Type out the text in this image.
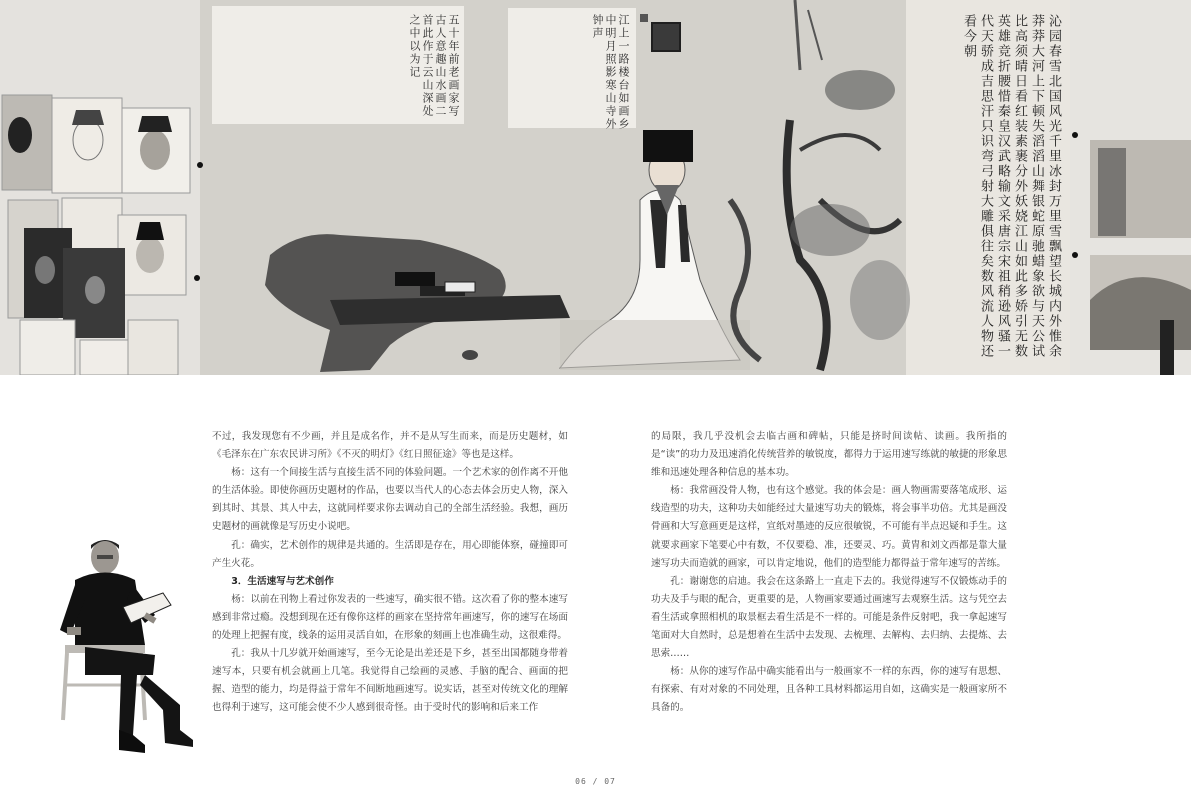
五十年前老画家写古人意趣山水画二首此作于云山深处之中以为记	江上一路楼台如画乡中明月照影寒山寺外钟声	沁园春雪北国风光千里冰封万里雪飘望长城内外惟余莽莽大河上下顿失滔滔山舞银蛇原驰蜡象欲与天公试比高须晴日看红装素裹分外妖娆江山如此多娇引无数英雄竞折腰惜秦皇汉武略输文采唐宗宋祖稍逊风骚一代天骄成吉思汗只识弯弓射大雕俱往矣数风流人物还看今朝

不过，我发现您有不少画，并且是成名作，并不是从写生而来，而是历史题材，如《毛泽东在广东农民讲习所》《不灭的明灯》《红日照征途》等也是这样。

杨：这有一个间接生活与直接生活不同的体验问题。一个艺术家的创作离不开他的生活体验。即使你画历史题材的作品，也要以当代人的心态去体会历史人物，深入到其时、其景、其人中去，这就同样要求你去调动自己的全部生活经验。我想，画历史题材的画就像是写历史小说吧。

孔：确实，艺术创作的规律是共通的。生活即是存在，用心即能体察，碰撞即可产生火花。

3．生活速写与艺术创作

杨：以前在刊物上看过你发表的一些速写，确实很不错。这次看了你的整本速写感到非常过瘾。没想到现在还有像你这样的画家在坚持常年画速写，你的速写在场面的处理上把握有度，线条的运用灵活自如，在形象的刻画上也准确生动，这很难得。

孔：我从十几岁就开始画速写，至今无论是出差还是下乡，甚至出国都随身带着速写本，只要有机会就画上几笔。我觉得自己绘画的灵感、手脑的配合、画面的把握、造型的能力，均是得益于常年不间断地画速写。说实话，甚至对传统文化的理解也得利于速写，这可能会使不少人感到很奇怪。由于受时代的影响和后来工作

的局限，我几乎没机会去临古画和碑帖，只能是挤时间读帖、读画。我所指的是“读”的功力及迅速消化传统营养的敏锐度，都得力于运用速写练就的敏捷的形象思维和迅速处理各种信息的基本功。

杨：我常画没骨人物，也有这个感觉。我的体会是：画人物画需要落笔成形、运线造型的功夫，这种功夫如能经过大量速写功夫的锻炼，将会事半功倍。尤其是画没骨画和大写意画更是这样，宣纸对墨迹的反应很敏锐，不可能有半点迟疑和手生。这就要求画家下笔要心中有数，不仅要稳、准，还要灵、巧。黄胄和刘文西都是靠大量速写功夫而造就的画家，可以肯定地说，他们的造型能力都得益于常年速写的苦练。

孔：谢谢您的启迪。我会在这条路上一直走下去的。我觉得速写不仅锻炼动手的功夫及手与眼的配合，更重要的是，人物画家要通过画速写去观察生活。这与凭空去看生活或拿照相机的取景框去看生活是不一样的。可能是条件反射吧，我一拿起速写笔面对大自然时，总是想着在生活中去发现、去梳理、去解构、去归纳、去提炼、去思索……

杨：从你的速写作品中确实能看出与一般画家不一样的东西，你的速写有思想、有探索、有对对象的不同处理，且各种工具材料都运用自如，这确实是一般画家所不具备的。

06 / 07
